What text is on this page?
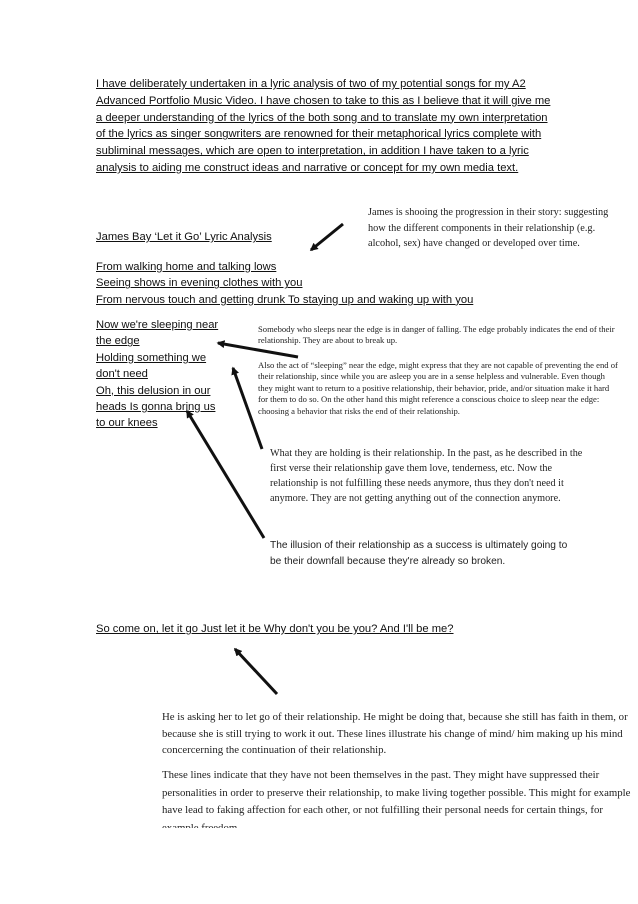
I have deliberately undertaken in a lyric analysis of two of my potential songs for my A2 Advanced Portfolio Music Video. I have chosen to take to this as I believe that it will give me a deeper understanding of the lyrics of the both song and to translate my own interpretation of the lyrics as singer songwriters are renowned for their metaphorical lyrics complete with subliminal messages, which are open to interpretation, in addition I have taken to a lyric analysis to aiding me construct ideas and narrative or concept for my own media text.
James is shooing the progression in their story: suggesting how the different components in their relationship (e.g. alcohol, sex) have changed or developed over time.
James Bay ‘Let it Go’ Lyric Analysis
From walking home and talking lows
Seeing shows in evening clothes with you
From nervous touch and getting drunk To staying up and waking up with you
Now we're sleeping near
the edge
Holding something we
don't need
Oh, this delusion in our
heads Is gonna bring us
to our knees
Somebody who sleeps near the edge is in danger of falling. The edge probably indicates the end of their relationship. They are about to break up.
Also the act of “sleeping” near the edge, might express that they are not capable of preventing the end of their relationship, since while you are asleep you are in a sense helpless and vulnerable. Even though they might want to return to a positive relationship, their behavior, pride, and/or situation make it hard for them to do so. On the other hand this might reference a conscious choice to sleep near the edge: choosing a behavior that risks the end of their relationship.
What they are holding is their relationship. In the past, as he described in the first verse their relationship gave them love, tenderness, etc. Now the relationship is not fulfilling these needs anymore, thus they don't need it anymore. They are not getting anything out of the connection anymore.
The illusion of their relationship as a success is ultimately going to be their downfall because they're already so broken.
So come on, let it go Just let it be Why don't you be you? And I'll be me?
He is asking her to let go of their relationship. He might be doing that, because she still has faith in them, or because she is still trying to work it out. These lines illustrate his change of mind/ him making up his mind concercerning the continuation of their relationship.
These lines indicate that they have not been themselves in the past. They might have suppressed their personalities in order to preserve their relationship, to make living together possible. This might for example have lead to faking affection for each other, or not fulfilling their personal needs for certain things, for
